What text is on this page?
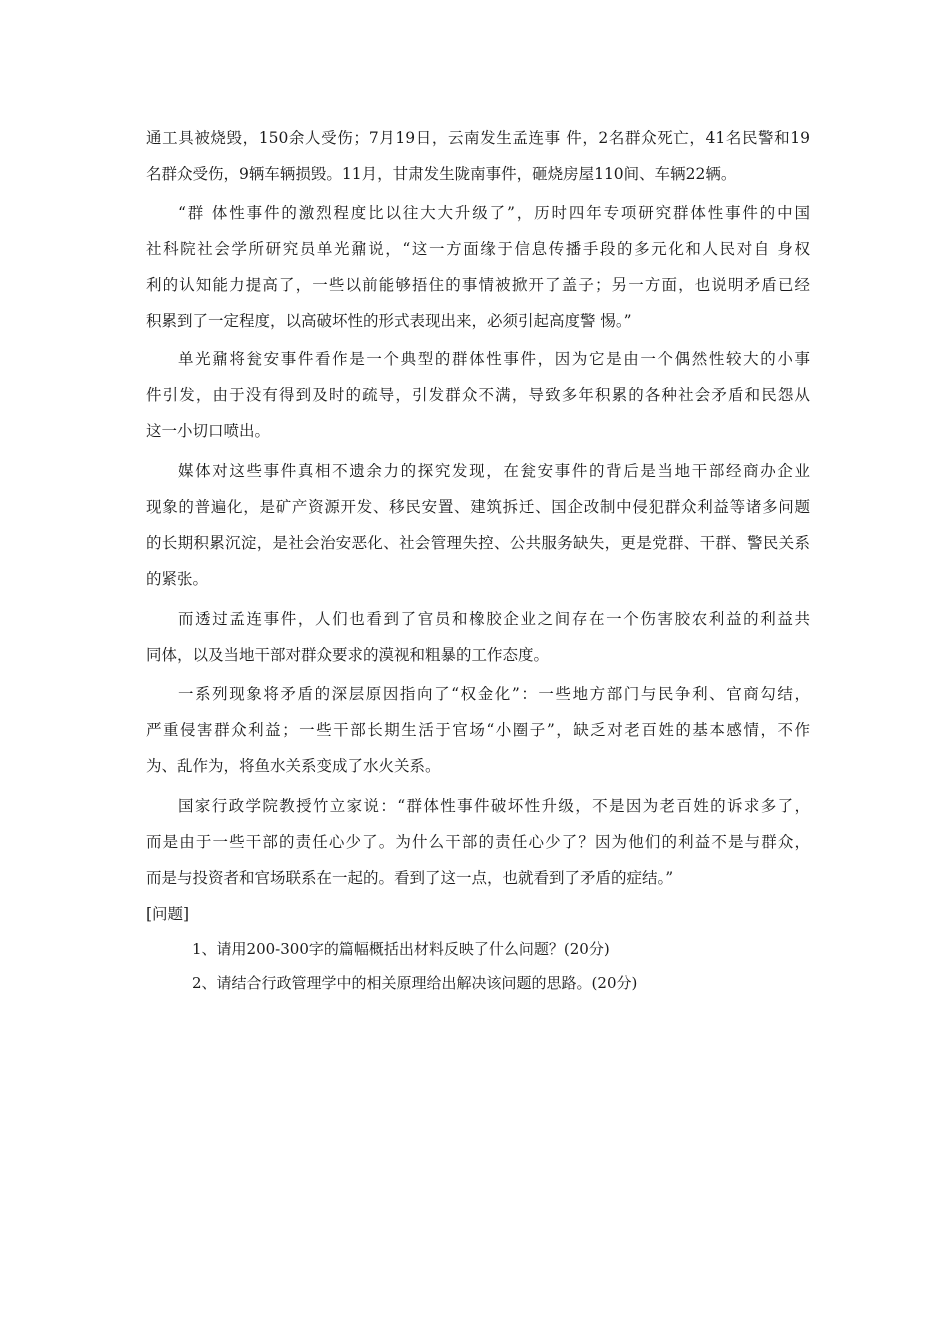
通工具被烧毁，150余人受伤；7月19日，云南发生孟连事 件，2名群众死亡，41名民警和19
名群众受伤，9辆车辆损毁。11月，甘肃发生陇南事件，砸烧房屋110间、车辆22辆。
“群 体性事件的激烈程度比以往大大升级了”，历时四年专项研究群体性事件的中国
社科院社会学所研究员单光鼐说，“这一方面缘于信息传播手段的多元化和人民对自 身权
利的认知能力提高了，一些以前能够捂住的事情被掀开了盖子；另一方面，也说明矛盾已经
积累到了一定程度，以高破坏性的形式表现出来，必须引起高度警 惕。”
单光鼐将瓮安事件看作是一个典型的群体性事件，因为它是由一个偶然性较大的小事
件引发，由于没有得到及时的疏导，引发群众不满，导致多年积累的各种社会矛盾和民怨从
这一小切口喷出。
媒体对这些事件真相不遗余力的探究发现，在瓮安事件的背后是当地干部经商办企业
现象的普遍化，是矿产资源开发、移民安置、建筑拆迁、国企改制中侵犯群众利益等诸多问题
的长期积累沉淀，是社会治安恶化、社会管理失控、公共服务缺失，更是党群、干群、警民关系
的紧张。
而透过孟连事件，人们也看到了官员和橡胶企业之间存在一个伤害胶农利益的利益共
同体，以及当地干部对群众要求的漠视和粗暴的工作态度。
一系列现象将矛盾的深层原因指向了“权金化”：一些地方部门与民争利、官商勾结，
严重侵害群众利益；一些干部长期生活于官场“小圈子”，缺乏对老百姓的基本感情，不作
为、乱作为，将鱼水关系变成了水火关系。
国家行政学院教授竹立家说：“群体性事件破坏性升级，不是因为老百姓的诉求多了，
而是由于一些干部的责任心少了。为什么干部的责任心少了？因为他们的利益不是与群众，
而是与投资者和官场联系在一起的。看到了这一点，也就看到了矛盾的症结。”
[问题]
1、请用200-300字的篇幅概括出材料反映了什么问题？(20分)
2、请结合行政管理学中的相关原理给出解决该问题的思路。(20分)
